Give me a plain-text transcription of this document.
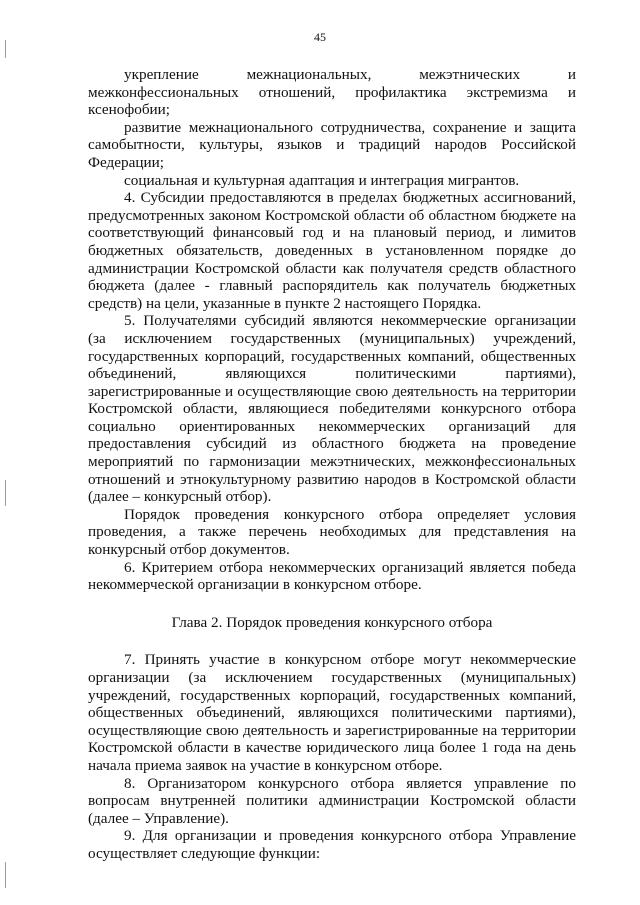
45

укрепление межнациональных, межэтнических и межконфессиональных отношений, профилактика экстремизма и ксенофобии;

развитие межнационального сотрудничества, сохранение и защита самобытности, культуры, языков и традиций народов Российской Федерации;

социальная и культурная адаптация и интеграция мигрантов.

4. Субсидии предоставляются в пределах бюджетных ассигнований, предусмотренных законом Костромской области об областном бюджете на соответствующий финансовый год и на плановый период, и лимитов бюджетных обязательств, доведенных в установленном порядке до администрации Костромской области как получателя средств областного бюджета (далее - главный распорядитель как получатель бюджетных средств) на цели, указанные в пункте 2 настоящего Порядка.

5. Получателями субсидий являются некоммерческие организации (за исключением государственных (муниципальных) учреждений, государственных корпораций, государственных компаний, общественных объединений, являющихся политическими партиями), зарегистрированные и осуществляющие свою деятельность на территории Костромской области, являющиеся победителями конкурсного отбора социально ориентированных некоммерческих организаций для предоставления субсидий из областного бюджета на проведение мероприятий по гармонизации межэтнических, межконфессиональных отношений и этнокультурному развитию народов в Костромской области (далее – конкурсный отбор).

Порядок проведения конкурсного отбора определяет условия проведения, а также перечень необходимых для представления на конкурсный отбор документов.

6. Критерием отбора некоммерческих организаций является победа некоммерческой организации в конкурсном отборе.

Глава 2. Порядок проведения конкурсного отбора

7. Принять участие в конкурсном отборе могут некоммерческие организации (за исключением государственных (муниципальных) учреждений, государственных корпораций, государственных компаний, общественных объединений, являющихся политическими партиями), осуществляющие свою деятельность и зарегистрированные на территории Костромской области в качестве юридического лица более 1 года на день начала приема заявок на участие в конкурсном отборе.

8. Организатором конкурсного отбора является управление по вопросам внутренней политики администрации Костромской области (далее – Управление).

9. Для организации и проведения конкурсного отбора Управление осуществляет следующие функции:
